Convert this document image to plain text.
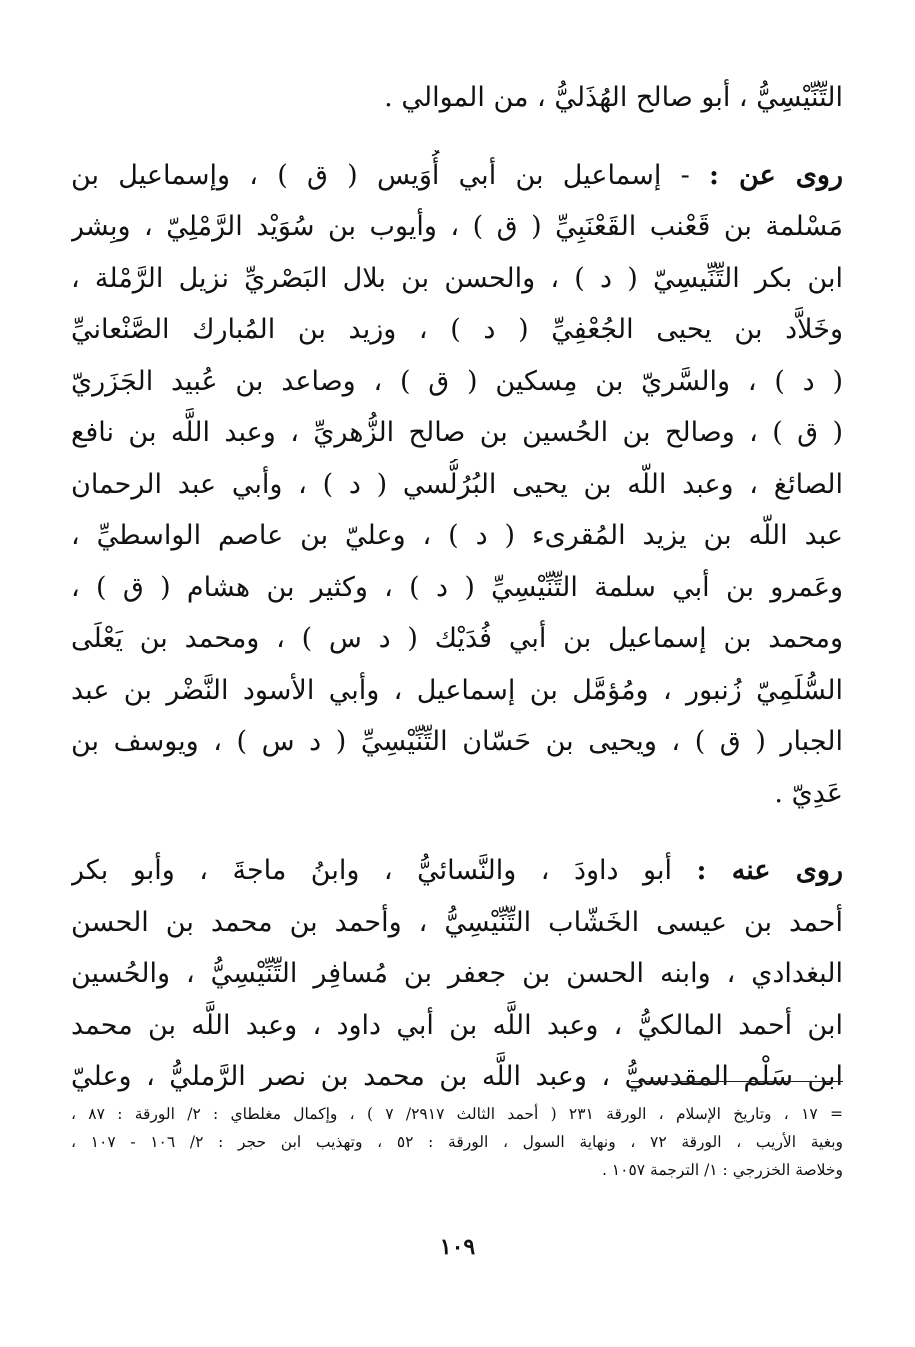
التِّنِّيْسِيُّ ، أبو صالح الهُذَليُّ ، من الموالي .
روى عن : - إسماعيل بن أبي أُوَيس ( ق ) ، وإسماعيل بن
مَسْلمة بن قَعْنب القَعْنَبِيِّ ( ق ) ، وأيوب بن سُوَيْد الرَّمْلِيّ ، وبِشر
ابن بكر التِّنِّيسِيّ ( د ) ، والحسن بن بلال البَصْريِّ نزيل الرَّمْلة ،
وخَلاَّد بن يحيى الجُعْفِيِّ ( د ) ، وزيد بن المُبارك الصَّنْعانيِّ
( د ) ، والسَّريّ بن مِسكين ( ق ) ، وصاعد بن عُبيد الجَزَريّ
( ق ) ، وصالح بن الحُسين بن صالح الزُّهريِّ ، وعبد اللَّه بن نافع
الصائغ ، وعبد اللّه بن يحيى البُرُلُّسي ( د ) ، وأبي عبد الرحمان
عبد اللّه بن يزيد المُقرىء ( د ) ، وعليّ بن عاصم الواسطيِّ ،
وعَمرو بن أبي سلمة التِّنِّيْسِيِّ ( د ) ، وكثير بن هشام ( ق ) ،
ومحمد بن إسماعيل بن أبي فُدَيْك ( د س ) ، ومحمد بن يَعْلَى
السُّلَمِيّ زُنبور ، ومُؤمَّل بن إسماعيل ، وأبي الأسود النَّضْر بن عبد
الجبار ( ق ) ، ويحيى بن حَسّان التِّنِّيْسِيِّ ( د س ) ، ويوسف بن
عَدِيّ .
روى عنه : أبو داودَ ، والنَّسائيُّ ، وابنُ ماجةَ ، وأبو بكر
أحمد بن عيسى الخَشّاب التِّنِّيْسِيُّ ، وأحمد بن محمد بن الحسن
البغدادي ، وابنه الحسن بن جعفر بن مُسافِر التِّنِّيْسِيُّ ، والحُسين
ابن أحمد المالكيُّ ، وعبد اللَّه بن أبي داود ، وعبد اللَّه بن محمد
ابن سَلْم المقدسيُّ ، وعبد اللَّه بن محمد بن نصر الرَّمليُّ ، وعليّ
= ١٧ ، وتاريخ الإسلام ، الورقة ٢٣١ ( أحمد الثالث ٢٩١٧/ ٧ ) ، وإكمال مغلطاي : ٢/ الورقة : ٨٧ ،
وبغية الأريب ، الورقة ٧٢ ، ونهاية السول ، الورقة : ٥٢ ، وتهذيب ابن حجر : ٢/ ١٠٦ - ١٠٧ ،
وخلاصة الخزرجي : ١/ الترجمة ١٠٥٧ .
١٠٩
